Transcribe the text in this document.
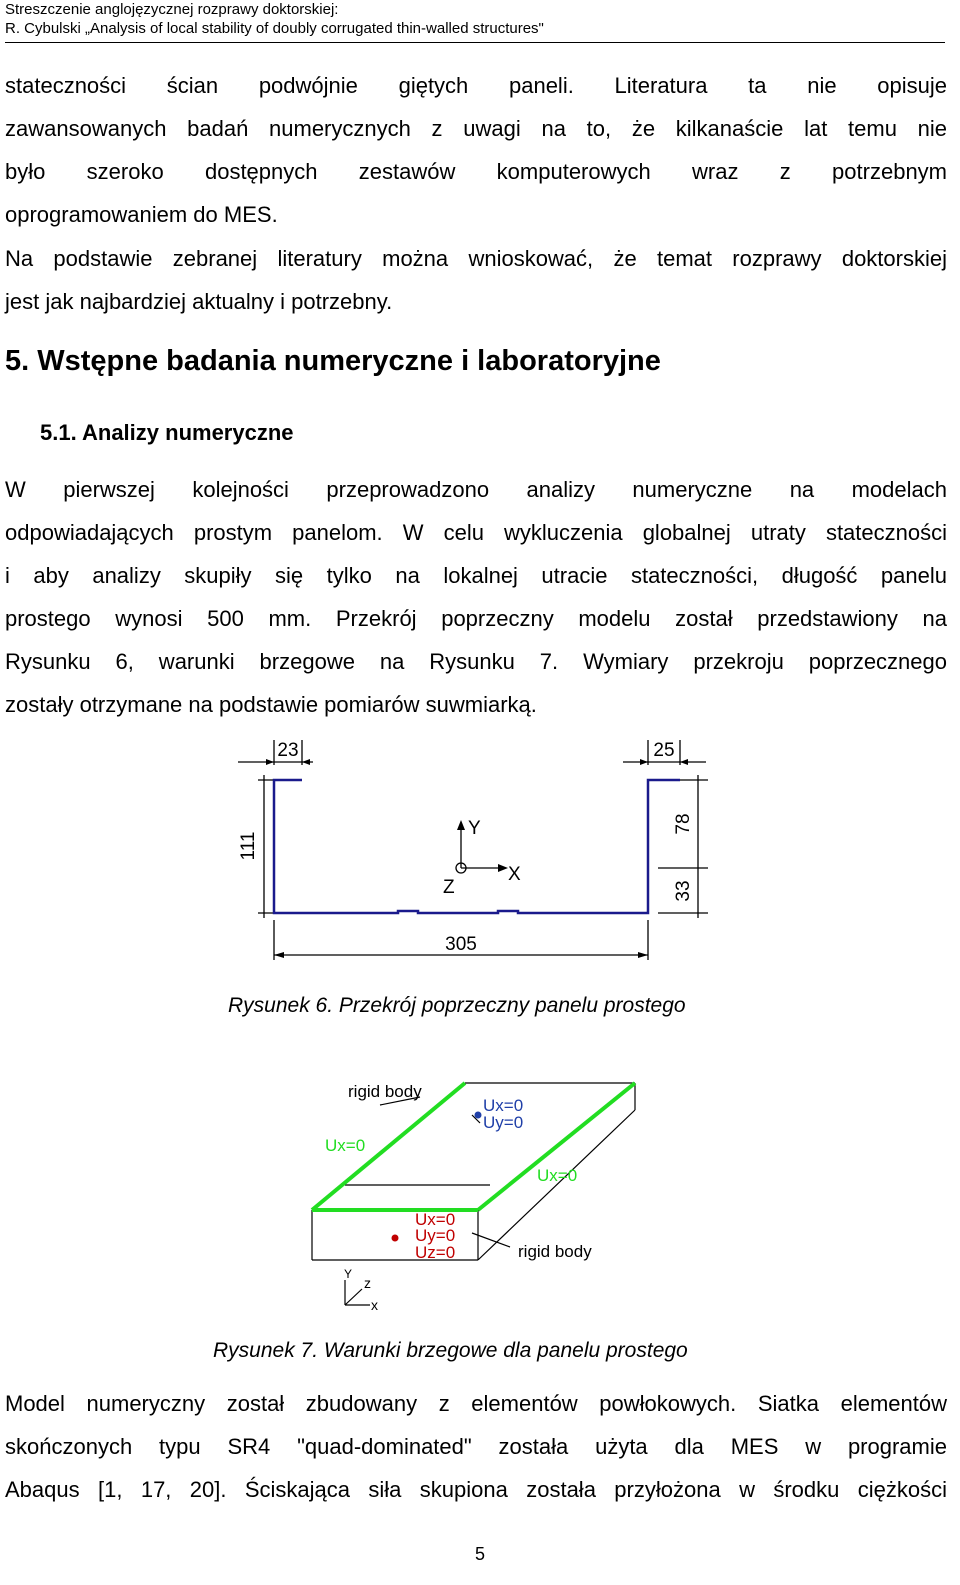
Streszczenie anglojęzycznej rozprawy doktorskiej:
R. Cybulski „Analysis of local stability of doubly corrugated thin-walled structures"
stateczności ścian podwójnie giętych paneli. Literatura ta nie opisuje
zawansowanych badań numerycznych z uwagi na to, że kilkanaście lat temu nie
było szeroko dostępnych zestawów komputerowych wraz z potrzebnym
oprogramowaniem do MES.
Na podstawie zebranej literatury można wnioskować, że temat rozprawy doktorskiej
jest jak najbardziej aktualny i potrzebny.
5. Wstępne badania numeryczne i laboratoryjne
5.1. Analizy numeryczne
W pierwszej kolejności przeprowadzono analizy numeryczne na modelach
odpowiadających prostym panelom. W celu wykluczenia globalnej utraty stateczności
i aby analizy skupiły się tylko na lokalnej utracie stateczności, długość panelu
prostego wynosi 500 mm. Przekrój poprzeczny modelu został przedstawiony na
Rysunku 6, warunki brzegowe na Rysunku 7. Wymiary przekroju poprzecznego
zostały otrzymane na podstawie pomiarów suwmiarką.
23	25
111
78
33
305
Y
X
Z
Rysunek 6. Przekrój poprzeczny panelu prostego
rigid body
rigid body
Ux=0
Ux=0
Uy=0
Ux=0
Ux=0
Uy=0
Uz=0
Y
z
x
Rysunek 7. Warunki brzegowe dla panelu prostego
Model numeryczny został zbudowany z elementów powłokowych. Siatka elementów
skończonych typu SR4 "quad-dominated" została użyta dla MES w programie
Abaqus [1, 17, 20]. Ściskająca siła skupiona została przyłożona w środku ciężkości
5
